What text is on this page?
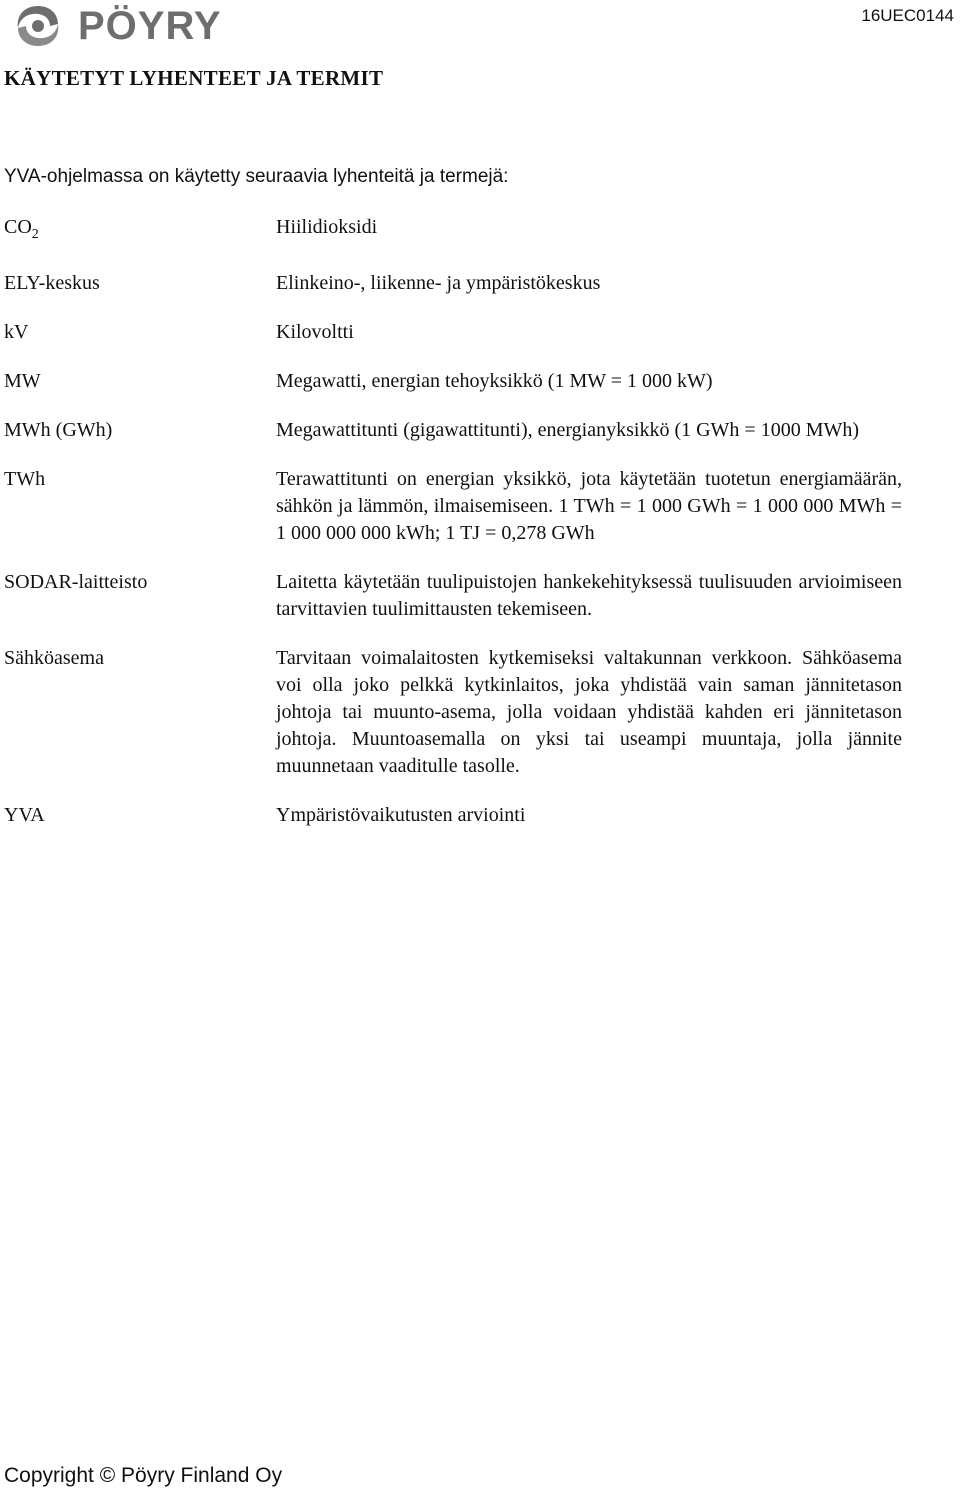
PÖYRY	16UEC0144
KÄYTETYT LYHENTEET JA TERMIT
YVA-ohjelmassa on käytetty seuraavia lyhenteitä ja termejä:
$CO_2$	Hiilidioksidi
ELY-keskus	Elinkeino-, liikenne- ja ympäristökeskus
kV	Kilovoltti
MW	Megawatti, energian tehoyksikkö (1 MW = 1 000 kW)
MWh (GWh)	Megawattitunti (gigawattitunti), energianyksikkö (1 GWh = 1000 MWh)
TWh	Terawattitunti on energian yksikkö, jota käytetään tuotetun energiamäärän, sähkön ja lämmön, ilmaisemiseen. 1 TWh = 1 000 GWh = 1 000 000 MWh = 1 000 000 000 kWh; 1 TJ = 0,278 GWh
SODAR-laitteisto	Laitetta käytetään tuulipuistojen hankekehityksessä tuulisuuden arvioimiseen tarvittavien tuulimittausten tekemiseen.
Sähköasema	Tarvitaan voimalaitosten kytkemiseksi valtakunnan verkkoon. Sähköasema voi olla joko pelkkä kytkinlaitos, joka yhdistää vain saman jännitetason johtoja tai muunto-asema, jolla voidaan yhdistää kahden eri jännitetason johtoja. Muuntoasemalla on yksi tai useampi muuntaja, jolla jännite muunnetaan vaaditulle tasolle.
YVA	Ympäristövaikutusten arviointi
Copyright © Pöyry Finland Oy
